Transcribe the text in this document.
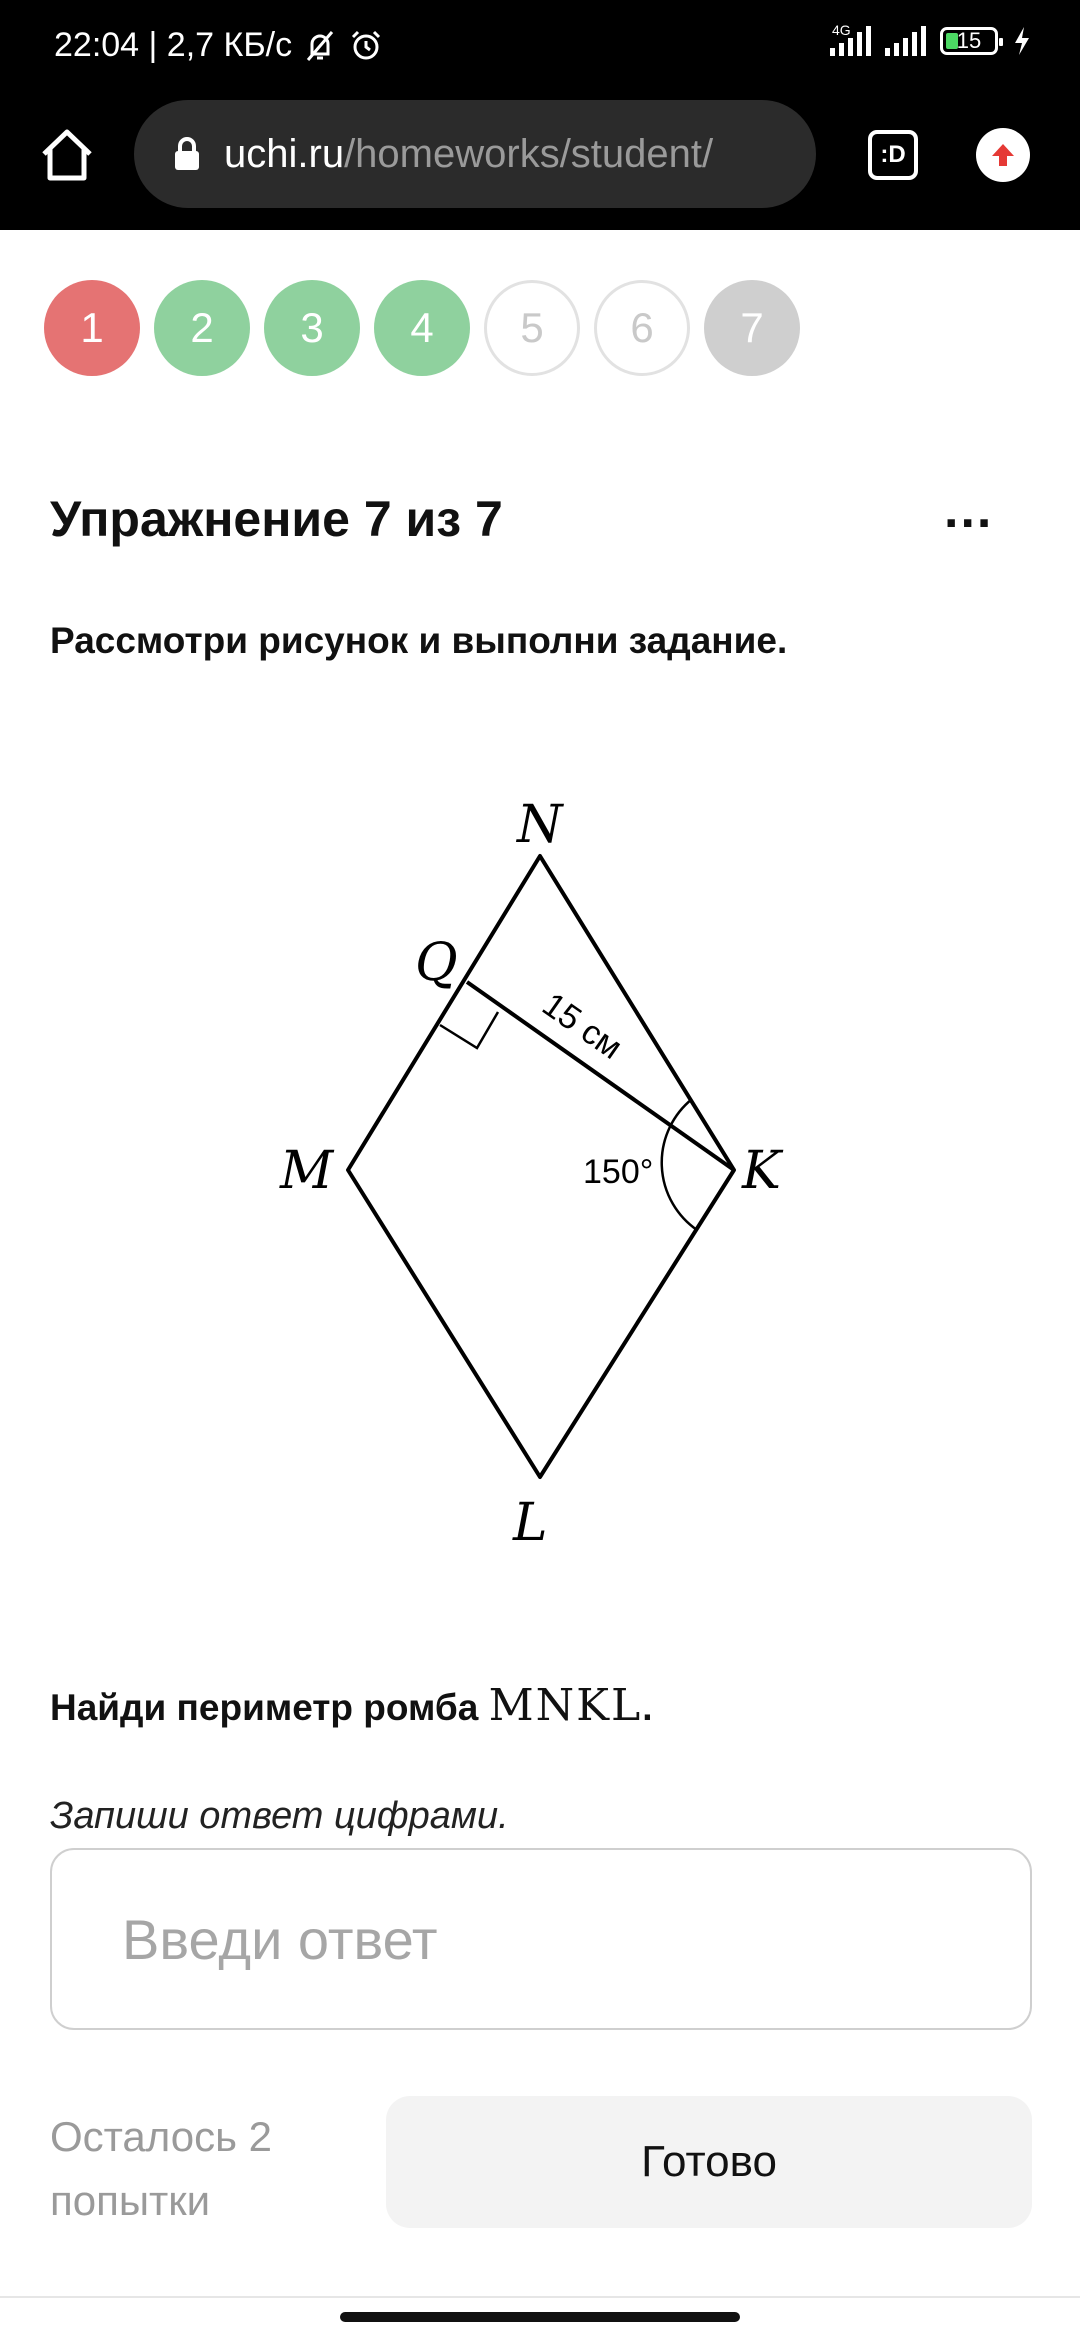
22:04 | 2,7 КБ/с	4G	15
uchi.ru/homeworks/student/	:D
1	2	3	4	5	6	7
Упражнение 7 из 7	...
Рассмотри рисунок и выполни задание.
N
Q
M	K
L
15 см
150°
Найди периметр ромба MNKL.
Запиши ответ цифрами.
Введи ответ
Осталось 2 попытки
Готово
